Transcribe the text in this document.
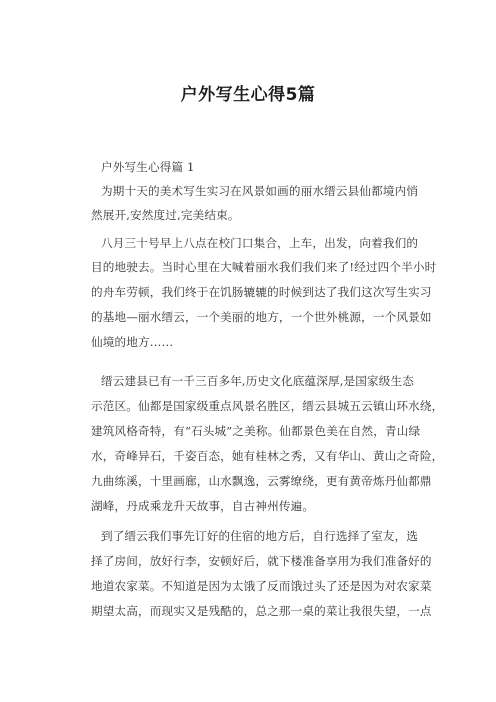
户外写生心得5篇
户外写生心得篇 1
为期十天的美术写生实习在风景如画的丽水缙云县仙都境内悄
然展开,安然度过,完美结束。
八月三十号早上八点在校门口集合，上车，出发，向着我们的
目的地驶去。当时心里在大喊着丽水我们我们来了!经过四个半小时
的舟车劳顿，我们终于在饥肠辘辘的时候到达了我们这次写生实习
的基地—丽水缙云，一个美丽的地方，一个世外桃源，一个风景如
仙境的地方……
缙云建县已有一千三百多年,历史文化底蕴深厚,是国家级生态
示范区。仙都是国家级重点风景名胜区，缙云县城五云镇山环水绕，
建筑风格奇特，有“石头城”之美称。仙都景色美在自然，青山绿
水，奇峰异石，千姿百态，她有桂林之秀，又有华山、黄山之奇险，
九曲练溪，十里画廊，山水飘逸，云雾缭绕，更有黄帝炼丹仙都鼎
湖峰，丹成乘龙升天故事，自古神州传遍。
到了缙云我们事先订好的住宿的地方后，自行选择了室友，选
择了房间，放好行李，安顿好后，就下楼准备享用为我们准备好的
地道农家菜。不知道是因为太饿了反而饿过头了还是因为对农家菜
期望太高，而现实又是残酷的，总之那一桌的菜让我很失望，一点
